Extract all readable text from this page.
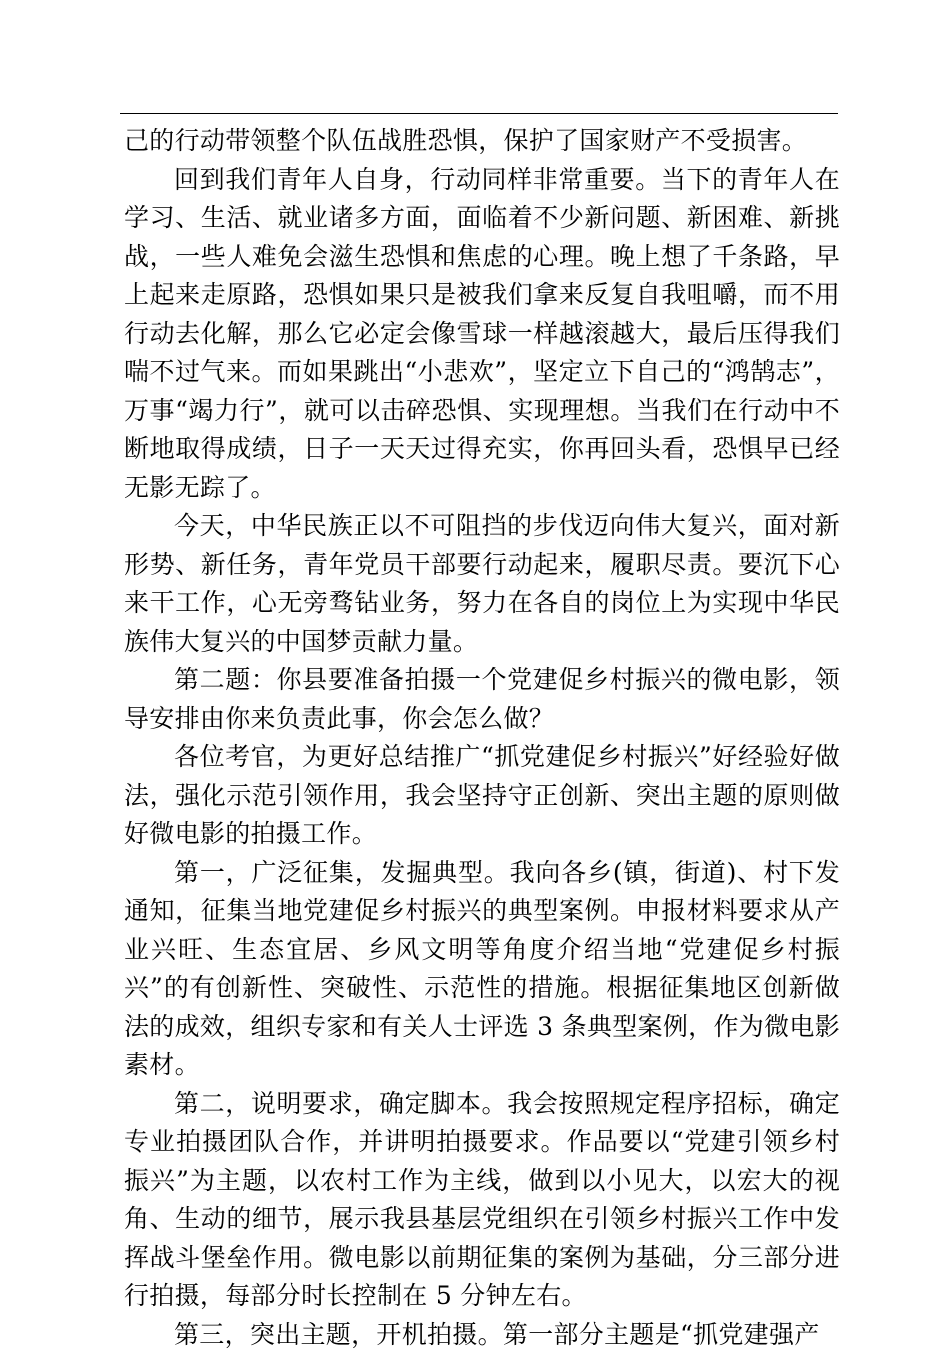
己的行动带领整个队伍战胜恐惧，保护了国家财产不受损害。

回到我们青年人自身，行动同样非常重要。当下的青年人在学习、生活、就业诸多方面，面临着不少新问题、新困难、新挑战，一些人难免会滋生恐惧和焦虑的心理。晚上想了千条路，早上起来走原路，恐惧如果只是被我们拿来反复自我咀嚼，而不用行动去化解，那么它必定会像雪球一样越滚越大，最后压得我们喘不过气来。而如果跳出“小悲欢”，坚定立下自己的“鸿鹄志”，万事“竭力行”，就可以击碎恐惧、实现理想。当我们在行动中不断地取得成绩，日子一天天过得充实，你再回头看，恐惧早已经无影无踪了。

今天，中华民族正以不可阻挡的步伐迈向伟大复兴，面对新形势、新任务，青年党员干部要行动起来，履职尽责。要沉下心来干工作，心无旁骛钻业务，努力在各自的岗位上为实现中华民族伟大复兴的中国梦贡献力量。

第二题：你县要准备拍摄一个党建促乡村振兴的微电影，领导安排由你来负责此事，你会怎么做？

各位考官，为更好总结推广“抓党建促乡村振兴”好经验好做法，强化示范引领作用，我会坚持守正创新、突出主题的原则做好微电影的拍摄工作。

第一，广泛征集，发掘典型。我向各乡(镇，街道)、村下发通知，征集当地党建促乡村振兴的典型案例。申报材料要求从产业兴旺、生态宜居、乡风文明等角度介绍当地“党建促乡村振兴”的有创新性、突破性、示范性的措施。根据征集地区创新做法的成效，组织专家和有关人士评选 3 条典型案例，作为微电影素材。

第二，说明要求，确定脚本。我会按照规定程序招标，确定专业拍摄团队合作，并讲明拍摄要求。作品要以“党建引领乡村振兴”为主题，以农村工作为主线，做到以小见大，以宏大的视角、生动的细节，展示我县基层党组织在引领乡村振兴工作中发挥战斗堡垒作用。微电影以前期征集的案例为基础，分三部分进行拍摄，每部分时长控制在 5 分钟左右。

第三，突出主题，开机拍摄。第一部分主题是“抓党建强产
